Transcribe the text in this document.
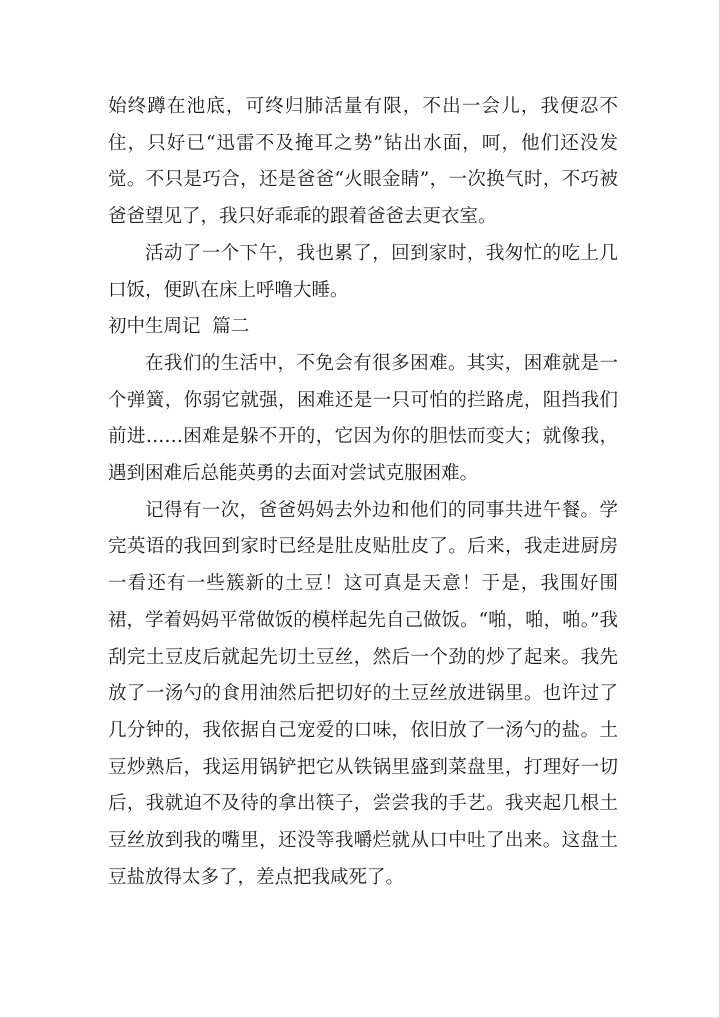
始终蹲在池底，可终归肺活量有限，不出一会儿，我便忍不住，只好已“迅雷不及掩耳之势”钻出水面，呵，他们还没发觉。不只是巧合，还是爸爸“火眼金睛”，一次换气时，不巧被爸爸望见了，我只好乖乖的跟着爸爸去更衣室。

活动了一个下午，我也累了，回到家时，我匆忙的吃上几口饭，便趴在床上呼噜大睡。

初中生周记  篇二

在我们的生活中，不免会有很多困难。其实，困难就是一个弹簧，你弱它就强，困难还是一只可怕的拦路虎，阻挡我们前进……困难是躲不开的，它因为你的胆怯而变大；就像我，遇到困难后总能英勇的去面对尝试克服困难。

记得有一次，爸爸妈妈去外边和他们的同事共进午餐。学完英语的我回到家时已经是肚皮贴肚皮了。后来，我走进厨房一看还有一些簇新的土豆！这可真是天意！于是，我围好围裙，学着妈妈平常做饭的模样起先自己做饭。“啪，啪，啪。”我刮完土豆皮后就起先切土豆丝，然后一个劲的炒了起来。我先放了一汤勺的食用油然后把切好的土豆丝放进锅里。也许过了几分钟的，我依据自己宠爱的口味，依旧放了一汤勺的盐。土豆炒熟后，我运用锅铲把它从铁锅里盛到菜盘里，打理好一切后，我就迫不及待的拿出筷子，尝尝我的手艺。我夹起几根土豆丝放到我的嘴里，还没等我嚼烂就从口中吐了出来。这盘土豆盐放得太多了，差点把我咸死了。
